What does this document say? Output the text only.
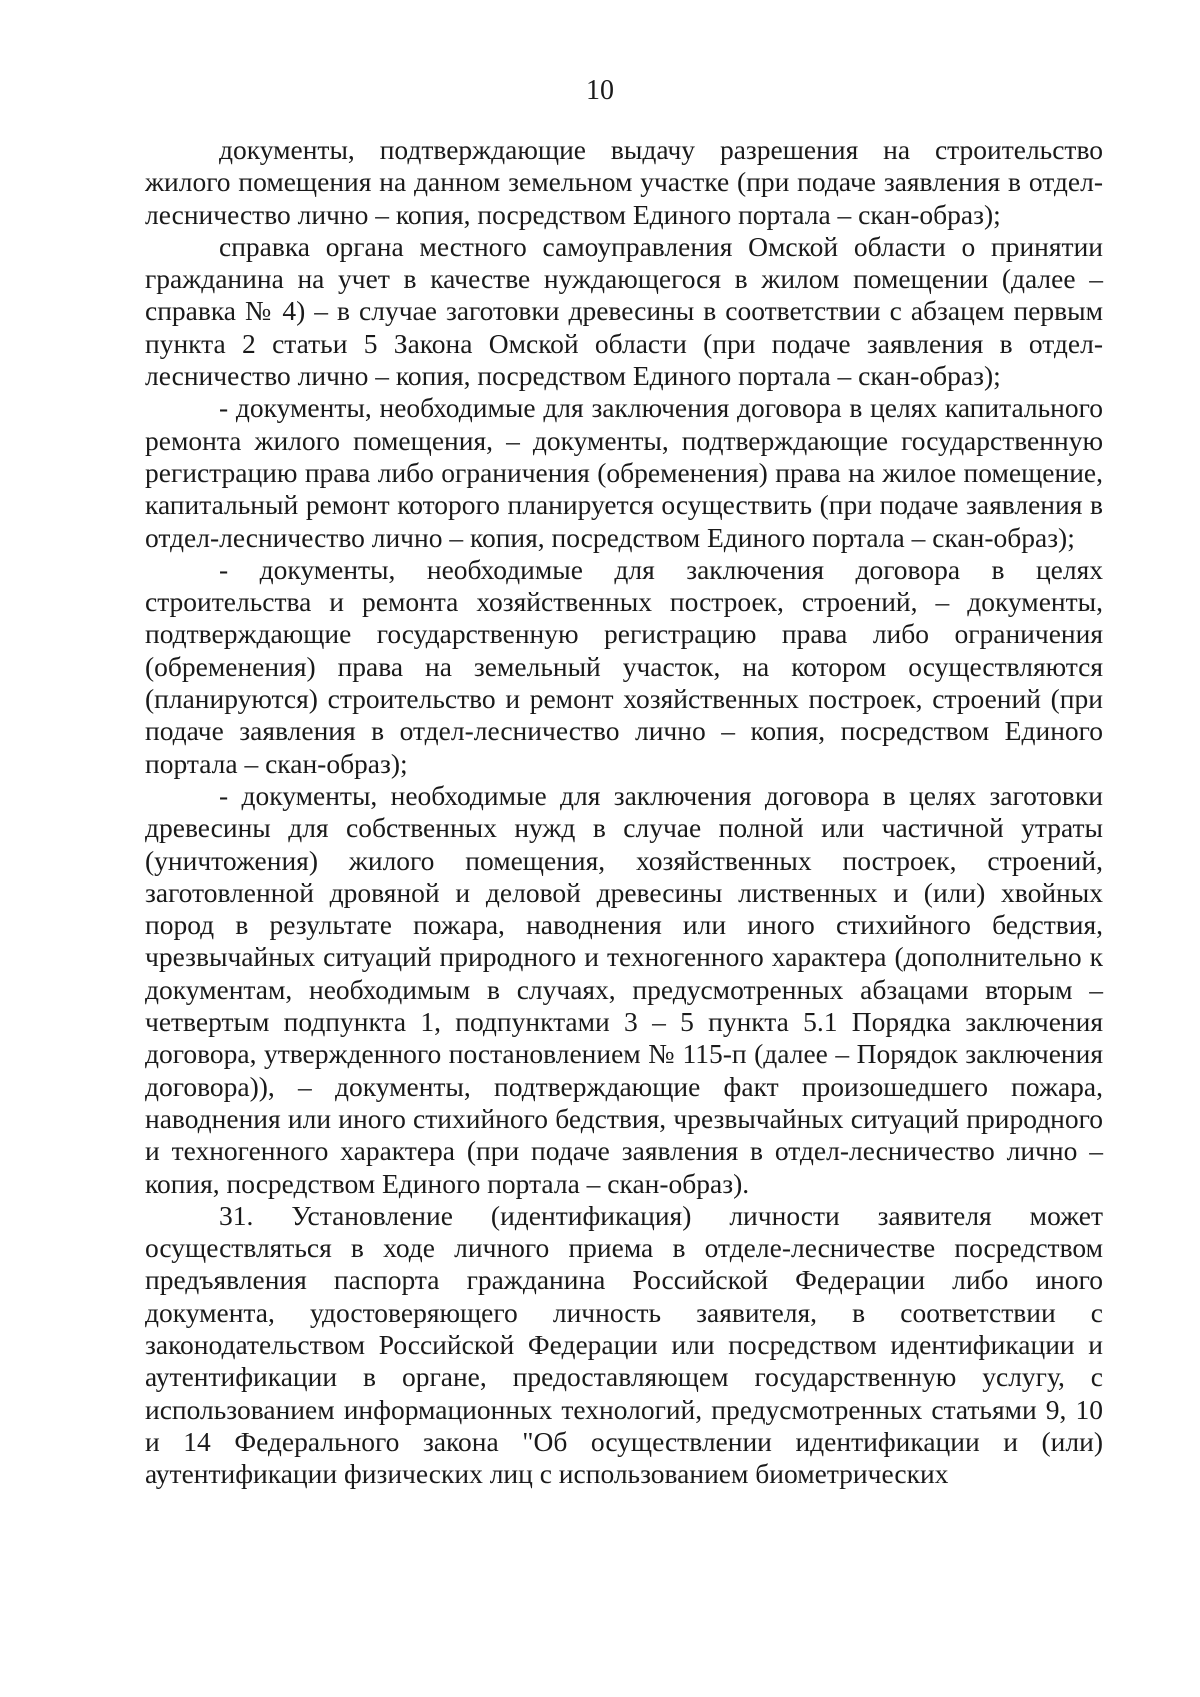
10

документы, подтверждающие выдачу разрешения на строительство жилого помещения на данном земельном участке (при подаче заявления в отдел-лесничество лично – копия, посредством Единого портала – скан-образ);

справка органа местного самоуправления Омской области о принятии гражданина на учет в качестве нуждающегося в жилом помещении (далее – справка № 4) – в случае заготовки древесины в соответствии с абзацем первым пункта 2 статьи 5 Закона Омской области (при подаче заявления в отдел-лесничество лично – копия, посредством Единого портала – скан-образ);

- документы, необходимые для заключения договора в целях капитального ремонта жилого помещения, – документы, подтверждающие государственную регистрацию права либо ограничения (обременения) права на жилое помещение, капитальный ремонт которого планируется осуществить (при подаче заявления в отдел-лесничество лично – копия, посредством Единого портала – скан-образ);

- документы, необходимые для заключения договора в целях строительства и ремонта хозяйственных построек, строений, – документы, подтверждающие государственную регистрацию права либо ограничения (обременения) права на земельный участок, на котором осуществляются (планируются) строительство и ремонт хозяйственных построек, строений (при подаче заявления в отдел-лесничество лично – копия, посредством Единого портала – скан-образ);

- документы, необходимые для заключения договора в целях заготовки древесины для собственных нужд в случае полной или частичной утраты (уничтожения) жилого помещения, хозяйственных построек, строений, заготовленной дровяной и деловой древесины лиственных и (или) хвойных пород в результате пожара, наводнения или иного стихийного бедствия, чрезвычайных ситуаций природного и техногенного характера (дополнительно к документам, необходимым в случаях, предусмотренных абзацами вторым – четвертым подпункта 1, подпунктами 3 – 5 пункта 5.1 Порядка заключения договора, утвержденного постановлением № 115-п (далее – Порядок заключения договора)), – документы, подтверждающие факт произошедшего пожара, наводнения или иного стихийного бедствия, чрезвычайных ситуаций природного и техногенного характера (при подаче заявления в отдел-лесничество лично – копия, посредством Единого портала – скан-образ).

31. Установление (идентификация) личности заявителя может осуществляться в ходе личного приема в отделе-лесничестве посредством предъявления паспорта гражданина Российской Федерации либо иного документа, удостоверяющего личность заявителя, в соответствии с законодательством Российской Федерации или посредством идентификации и аутентификации в органе, предоставляющем государственную услугу, с использованием информационных технологий, предусмотренных статьями 9, 10 и 14 Федерального закона "Об осуществлении идентификации и (или) аутентификации физических лиц с использованием биометрических
